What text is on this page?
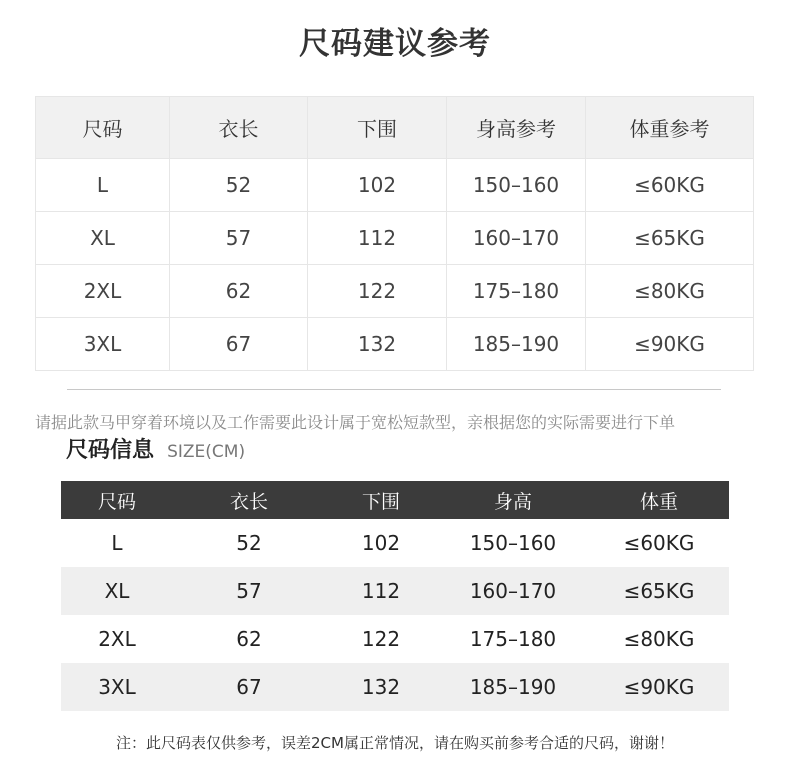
尺码建议参考
尺码	衣长	下围	身高参考	体重参考
L	52	102	150–160	≤60KG
XL	57	112	160–170	≤65KG
2XL	62	122	175–180	≤80KG
3XL	67	132	185–190	≤90KG
请据此款马甲穿着环境以及工作需要此设计属于宽松短款型，亲根据您的实际需要进行下单
尺码信息 SIZE(CM)
尺码	衣长	下围	身高	体重
L	52	102	150–160	≤60KG
XL	57	112	160–170	≤65KG
2XL	62	122	175–180	≤80KG
3XL	67	132	185–190	≤90KG
注：此尺码表仅供参考，误差2CM属正常情况，请在购买前参考合适的尺码，谢谢！
